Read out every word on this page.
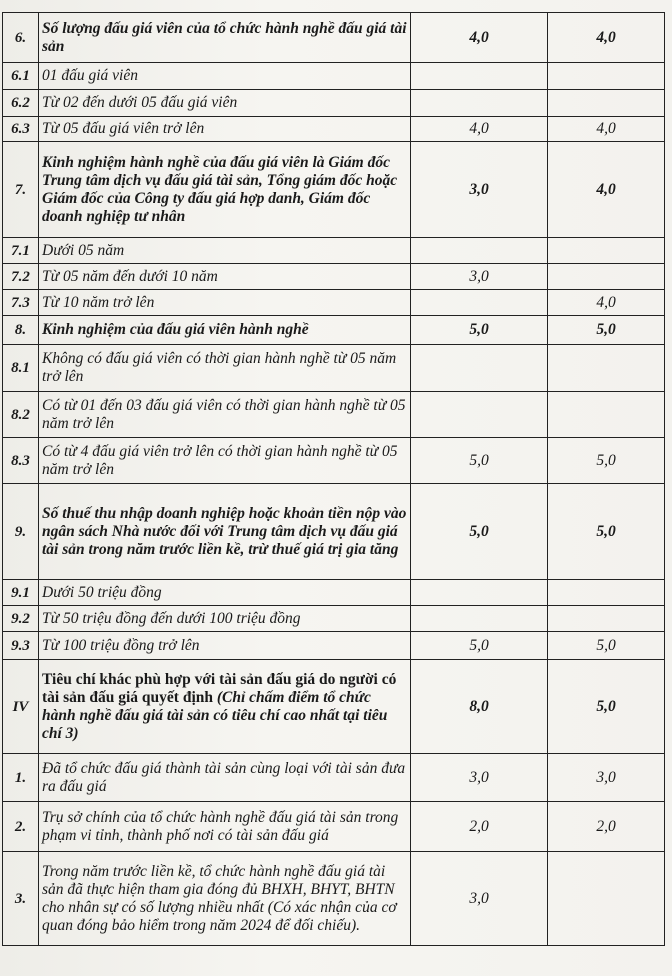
6.	Số lượng đấu giá viên của tổ chức hành nghề đấu giá tài sản	4,0	4,0
6.1	01 đấu giá viên		
6.2	Từ 02 đến dưới 05 đấu giá viên		
6.3	Từ 05 đấu giá viên trở lên	4,0	4,0
7.	Kinh nghiệm hành nghề của đấu giá viên là Giám đốc Trung tâm dịch vụ đấu giá tài sản, Tổng giám đốc hoặc Giám đốc của Công ty đấu giá hợp danh, Giám đốc doanh nghiệp tư nhân	3,0	4,0
7.1	Dưới 05 năm		
7.2	Từ 05 năm đến dưới 10 năm	3,0	
7.3	Từ 10 năm trở lên		4,0
8.	Kinh nghiệm của đấu giá viên hành nghề	5,0	5,0
8.1	Không có đấu giá viên có thời gian hành nghề từ 05 năm trở lên		
8.2	Có từ 01 đến 03 đấu giá viên có thời gian hành nghề từ 05 năm trở lên		
8.3	Có từ 4 đấu giá viên trở lên có thời gian hành nghề từ 05 năm trở lên	5,0	5,0
9.	Số thuế thu nhập doanh nghiệp hoặc khoản tiền nộp vào ngân sách Nhà nước đối với Trung tâm dịch vụ đấu giá tài sản trong năm trước liền kề, trừ thuế giá trị gia tăng	5,0	5,0
9.1	Dưới 50 triệu đồng		
9.2	Từ 50 triệu đồng đến dưới 100 triệu đồng		
9.3	Từ 100 triệu đồng trở lên	5,0	5,0
IV	Tiêu chí khác phù hợp với tài sản đấu giá do người có tài sản đấu giá quyết định (Chỉ chấm điểm tổ chức hành nghề đấu giá tài sản có tiêu chí cao nhất tại tiêu chí 3)	8,0	5,0
1.	Đã tổ chức đấu giá thành tài sản cùng loại với tài sản đưa ra đấu giá	3,0	3,0
2.	Trụ sở chính của tổ chức hành nghề đấu giá tài sản trong phạm vi tỉnh, thành phố nơi có tài sản đấu giá	2,0	2,0
3.	Trong năm trước liền kề, tổ chức hành nghề đấu giá tài sản đã thực hiện tham gia đóng đủ BHXH, BHYT, BHTN cho nhân sự có số lượng nhiều nhất (Có xác nhận của cơ quan đóng bảo hiểm trong năm 2024 để đối chiếu).	3,0	
